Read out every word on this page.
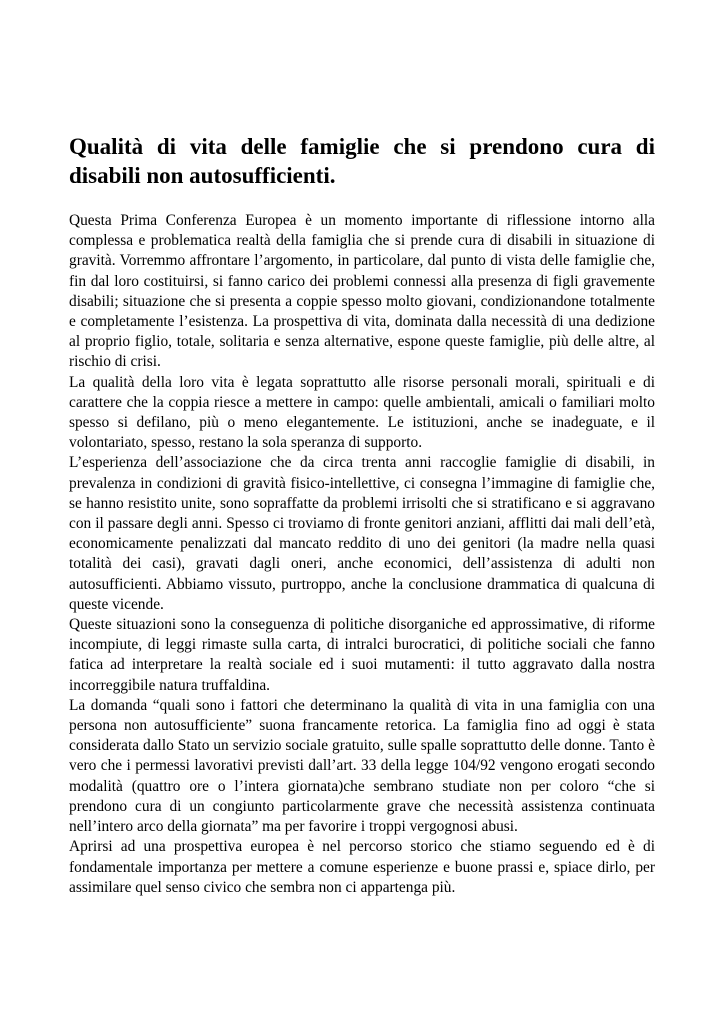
Qualità di vita delle famiglie che si prendono cura di disabili non autosufficienti.

Questa Prima Conferenza Europea è un momento importante di riflessione intorno alla complessa e problematica realtà della famiglia che si prende cura di disabili in situazione di gravità. Vorremmo affrontare l’argomento, in particolare, dal punto di vista delle famiglie che, fin dal loro costituirsi, si fanno carico dei problemi connessi alla presenza di figli gravemente disabili; situazione che si presenta a coppie spesso molto giovani, condizionandone totalmente e completamente l’esistenza. La prospettiva di vita, dominata dalla necessità di una dedizione al proprio figlio, totale, solitaria e senza alternative, espone queste famiglie, più delle altre, al rischio di crisi.

La qualità della loro vita è legata soprattutto alle risorse personali morali, spirituali e di carattere che la coppia riesce a mettere in campo: quelle ambientali, amicali o familiari molto spesso si defilano, più o meno elegantemente. Le istituzioni, anche se inadeguate, e il volontariato, spesso, restano la sola speranza di supporto.

L’esperienza dell’associazione che da circa trenta anni raccoglie famiglie di disabili, in prevalenza in condizioni di gravità fisico-intellettive, ci consegna l’immagine di famiglie che, se hanno resistito unite, sono sopraffatte da problemi irrisolti che si stratificano e si aggravano con il passare degli anni. Spesso ci troviamo di fronte genitori anziani, afflitti dai mali dell’età, economicamente penalizzati dal mancato reddito di uno dei genitori (la madre nella quasi totalità dei casi), gravati dagli oneri, anche economici, dell’assistenza di adulti non autosufficienti. Abbiamo vissuto, purtroppo, anche la conclusione drammatica di qualcuna di queste vicende.

Queste situazioni sono la conseguenza di politiche disorganiche ed approssimative, di riforme incompiute, di leggi rimaste sulla carta, di intralci burocratici, di politiche sociali che fanno fatica ad interpretare la realtà sociale ed i suoi mutamenti: il tutto aggravato dalla nostra incorreggibile natura truffaldina.

La domanda “quali sono i fattori che determinano la qualità di vita in una famiglia con una persona non autosufficiente” suona francamente retorica. La famiglia fino ad oggi è stata considerata dallo Stato un servizio sociale gratuito, sulle spalle soprattutto delle donne. Tanto è vero che i permessi lavorativi previsti dall’art. 33 della legge 104/92 vengono erogati secondo modalità (quattro ore o l’intera giornata)che sembrano studiate non per coloro “che si prendono cura di un congiunto particolarmente grave che necessità assistenza continuata nell’intero arco della giornata” ma per favorire i troppi vergognosi abusi.

Aprirsi ad una prospettiva europea è nel percorso storico che stiamo seguendo ed è di fondamentale importanza per mettere a comune esperienze e buone prassi e, spiace dirlo, per assimilare quel senso civico che sembra non ci appartenga più.
